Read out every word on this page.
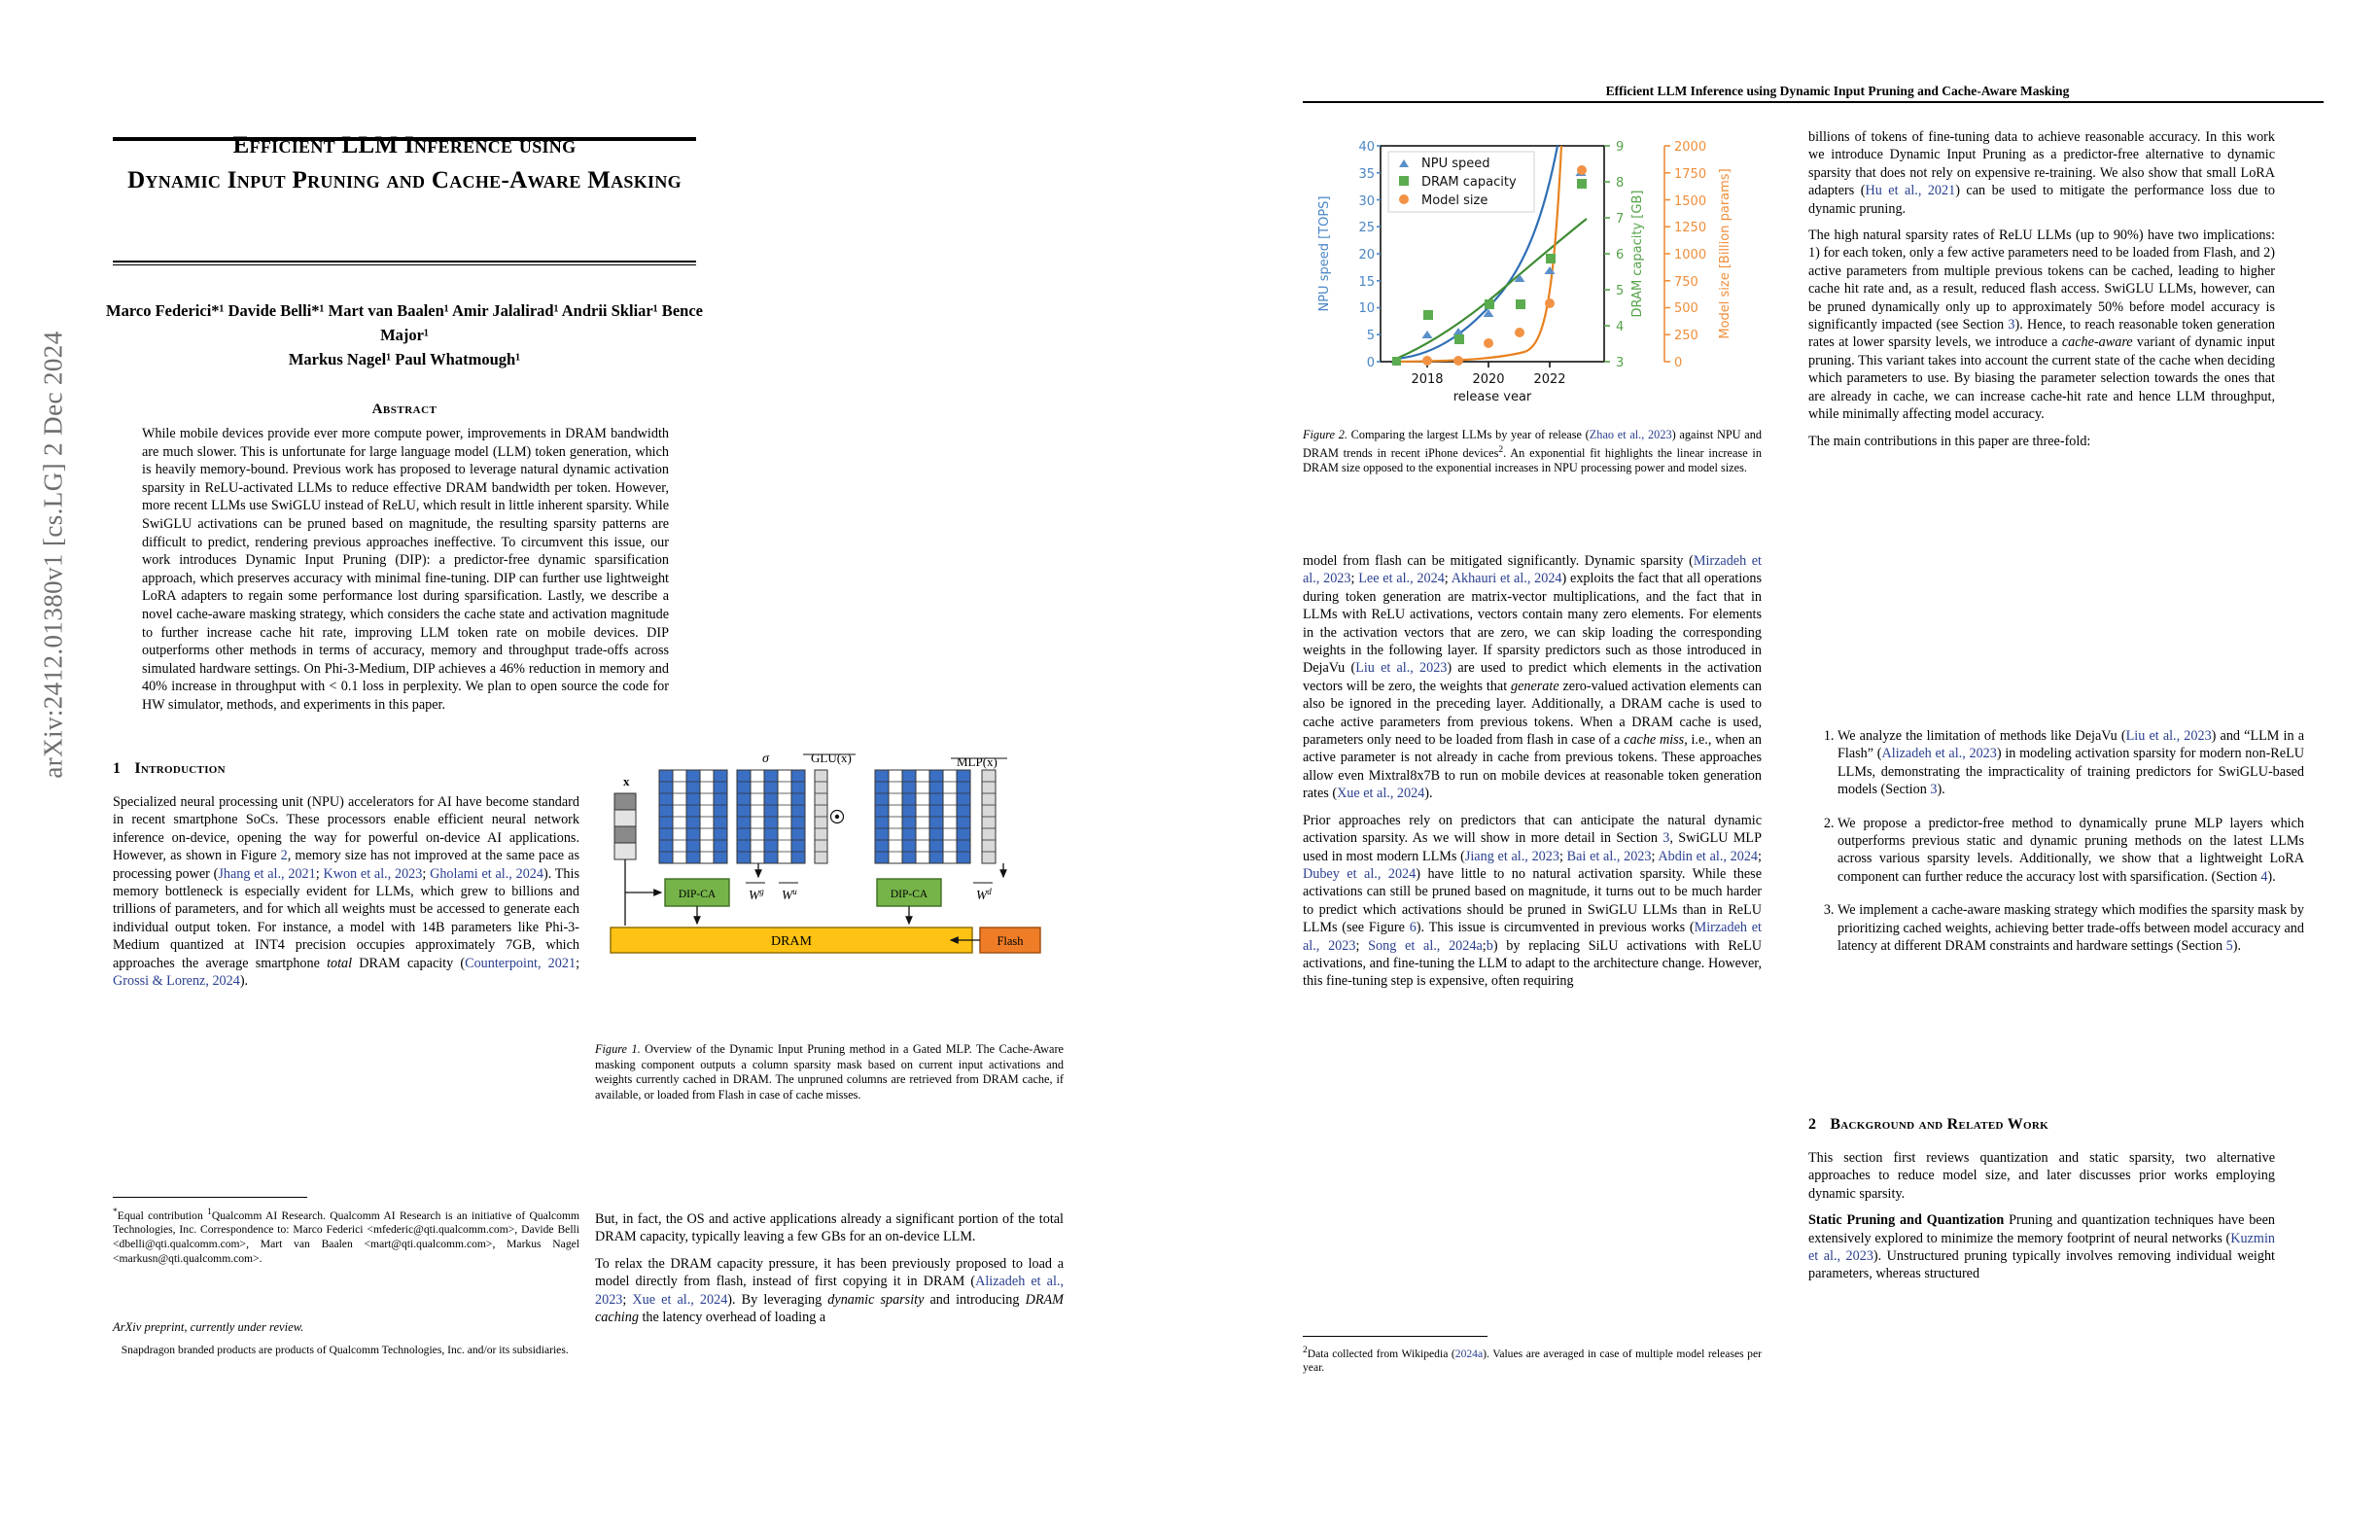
arXiv:2412.01380v1 [cs.LG] 2 Dec 2024
Efficient LLM Inference using
Dynamic Input Pruning and Cache-Aware Masking
Marco Federici*¹ Davide Belli*¹ Mart van Baalen¹ Amir Jalalirad¹ Andrii Skliar¹ Bence Major¹
Markus Nagel¹ Paul Whatmough¹
Abstract
While mobile devices provide ever more compute power, improvements in DRAM bandwidth are much slower. This is unfortunate for large language model (LLM) token generation, which is heavily memory-bound. Previous work has proposed to leverage natural dynamic activation sparsity in ReLU-activated LLMs to reduce effective DRAM bandwidth per token. However, more recent LLMs use SwiGLU instead of ReLU, which result in little inherent sparsity. While SwiGLU activations can be pruned based on magnitude, the resulting sparsity patterns are difficult to predict, rendering previous approaches ineffective. To circumvent this issue, our work introduces Dynamic Input Pruning (DIP): a predictor-free dynamic sparsification approach, which preserves accuracy with minimal fine-tuning. DIP can further use lightweight LoRA adapters to regain some performance lost during sparsification. Lastly, we describe a novel cache-aware masking strategy, which considers the cache state and activation magnitude to further increase cache hit rate, improving LLM token rate on mobile devices. DIP outperforms other methods in terms of accuracy, memory and throughput trade-offs across simulated hardware settings. On Phi-3-Medium, DIP achieves a 46% reduction in memory and 40% increase in throughput with < 0.1 loss in perplexity. We plan to open source the code for HW simulator, methods, and experiments in this paper.
1 Introduction

Specialized neural processing unit (NPU) accelerators for AI have become standard in recent smartphone SoCs. These processors enable efficient neural network inference on-device, opening the way for powerful on-device AI applications. However, as shown in Figure 2, memory size has not improved at the same pace as processing power (Jhang et al., 2021; Kwon et al., 2023; Gholami et al., 2024). This memory bottleneck is especially evident for LLMs, which grew to billions and trillions of parameters, and for which all weights must be accessed to generate each individual output token. For instance, a model with 14B parameters like Phi-3-Medium quantized at INT4 precision occupies approximately 7GB, which approaches the average smartphone total DRAM capacity (Counterpoint, 2021; Grossi & Lorenz, 2024).

*Equal contribution $^1$Qualcomm AI Research. Qualcomm AI Research is an initiative of Qualcomm Technologies, Inc. Correspondence to: Marco Federici <mfederic@qti.qualcomm.com>, Davide Belli <dbelli@qti.qualcomm.com>, Mart van Baalen <mart@qti.qualcomm.com>, Markus Nagel <markusn@qti.qualcomm.com>.
ArXiv preprint, currently under review.
Snapdragon branded products are products of Qualcomm Technologies, Inc. and/or its subsidiaries.
x
σ	GLU(x)	MLP(x)
DIP-CA	DIP-CA
$W^g$ $W^u$	$W^d$
DRAM	Flash
Figure 1. Overview of the Dynamic Input Pruning method in a Gated MLP. The Cache-Aware masking component outputs a column sparsity mask based on current input activations and weights currently cached in DRAM. The unpruned columns are retrieved from DRAM cache, if available, or loaded from Flash in case of cache misses.

But, in fact, the OS and active applications already a significant portion of the total DRAM capacity, typically leaving a few GBs for an on-device LLM.

To relax the DRAM capacity pressure, it has been previously proposed to load a model directly from flash, instead of first copying it in DRAM (Alizadeh et al., 2023; Xue et al., 2024). By leveraging dynamic sparsity and introducing DRAM caching the latency overhead of loading a

Efficient LLM Inference using Dynamic Input Pruning and Cache-Aware Masking
40
35
30
25
20
15
10
5
0
NPU speed [TOPS]
9
8
7
6
5
4
3
DRAM capacity [GB]
2000
1750
1500
1250
1000
750
500
250
0
Model size [Billion params]
2018 2020 2022
release year
NPU speed
DRAM capacity
Model size
Figure 2. Comparing the largest LLMs by year of release (Zhao et al., 2023) against NPU and DRAM trends in recent iPhone devices$^2$. An exponential fit highlights the linear increase in DRAM size opposed to the exponential increases in NPU processing power and model sizes.

model from flash can be mitigated significantly. Dynamic sparsity (Mirzadeh et al., 2023; Lee et al., 2024; Akhauri et al., 2024) exploits the fact that all operations during token generation are matrix-vector multiplications, and the fact that in LLMs with ReLU activations, vectors contain many zero elements. For elements in the activation vectors that are zero, we can skip loading the corresponding weights in the following layer. If sparsity predictors such as those introduced in DejaVu (Liu et al., 2023) are used to predict which elements in the activation vectors will be zero, the weights that generate zero-valued activation elements can also be ignored in the preceding layer. Additionally, a DRAM cache is used to cache active parameters from previous tokens. When a DRAM cache is used, parameters only need to be loaded from flash in case of a cache miss, i.e., when an active parameter is not already in cache from previous tokens. These approaches allow even Mixtral8x7B to run on mobile devices at reasonable token generation rates (Xue et al., 2024).

Prior approaches rely on predictors that can anticipate the natural dynamic activation sparsity. As we will show in more detail in Section 3, SwiGLU MLP used in most modern LLMs (Jiang et al., 2023; Bai et al., 2023; Abdin et al., 2024; Dubey et al., 2024) have little to no natural activation sparsity. While these activations can still be pruned based on magnitude, it turns out to be much harder to predict which activations should be pruned in SwiGLU LLMs than in ReLU LLMs (see Figure 6). This issue is circumvented in previous works (Mirzadeh et al., 2023; Song et al., 2024a;b) by replacing SiLU activations with ReLU activations, and fine-tuning the LLM to adapt to the architecture change. However, this fine-tuning step is expensive, often requiring

$^2$Data collected from Wikipedia (2024a). Values are averaged in case of multiple model releases per year.

billions of tokens of fine-tuning data to achieve reasonable accuracy. In this work we introduce Dynamic Input Pruning as a predictor-free alternative to dynamic sparsity that does not rely on expensive re-training. We also show that small LoRA adapters (Hu et al., 2021) can be used to mitigate the performance loss due to dynamic pruning.

The high natural sparsity rates of ReLU LLMs (up to 90%) have two implications: 1) for each token, only a few active parameters need to be loaded from Flash, and 2) active parameters from multiple previous tokens can be cached, leading to higher cache hit rate and, as a result, reduced flash access. SwiGLU LLMs, however, can be pruned dynamically only up to approximately 50% before model accuracy is significantly impacted (see Section 3). Hence, to reach reasonable token generation rates at lower sparsity levels, we introduce a cache-aware variant of dynamic input pruning. This variant takes into account the current state of the cache when deciding which parameters to use. By biasing the parameter selection towards the ones that are already in cache, we can increase cache-hit rate and hence LLM throughput, while minimally affecting model accuracy.

The main contributions in this paper are three-fold:

1. We analyze the limitation of methods like DejaVu (Liu et al., 2023) and “LLM in a Flash” (Alizadeh et al., 2023) in modeling activation sparsity for modern non-ReLU LLMs, demonstrating the impracticality of training predictors for SwiGLU-based models (Section 3).
2. We propose a predictor-free method to dynamically prune MLP layers which outperforms previous static and dynamic pruning methods on the latest LLMs across various sparsity levels. Additionally, we show that a lightweight LoRA component can further reduce the accuracy lost with sparsification. (Section 4).
3. We implement a cache-aware masking strategy which modifies the sparsity mask by prioritizing cached weights, achieving better trade-offs between model accuracy and latency at different DRAM constraints and hardware settings (Section 5).
2 Background and Related Work

This section first reviews quantization and static sparsity, two alternative approaches to reduce model size, and later discusses prior works employing dynamic sparsity.

Static Pruning and Quantization Pruning and quantization techniques have been extensively explored to minimize the memory footprint of neural networks (Kuzmin et al., 2023). Unstructured pruning typically involves removing individual weight parameters, whereas structured
